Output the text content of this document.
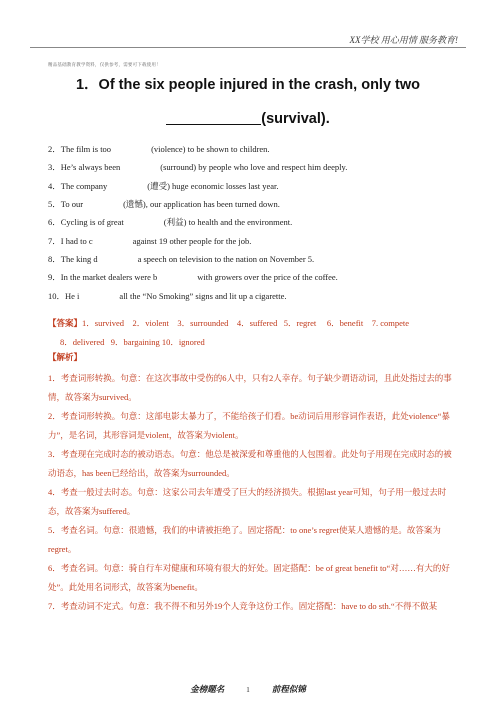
XX学校 用心用情 服务教育!
精品基础教育教学资料，仅供参考，需要可下载使用！
1．Of the six people injured in the crash, only two
(survival).
2．The film is too	(violence) to be shown to children.
3．He’s always been	(surround) by people who love and respect him deeply.
4．The company	(遭受) huge economic losses last year.
5．To our	(遗憾), our application has been turned down.
6．Cycling is of great	(利益) to health and the environment.
7．I had to c	against 19 other people for the job.
8．The king d	a speech on television to the nation on November 5.
9．In the market dealers were b	with growers over the price of the coffee.
10．He i	all the “No Smoking” signs and lit up a cigarette.
【答案】1．survived    2．violent    3．surrounded    4．suffered   5．regret     6．benefit    7. compete
8．delivered   9．bargaining 10．ignored
【解析】
1．考查词形转换。句意：在这次事故中受伤的6人中，只有2人幸存。句子缺少谓语动词，且此处指过去的事情，故答案为survived。
2．考查词形转换。句意：这部电影太暴力了，不能给孩子们看。be动词后用形容词作表语，此处violence“暴力”，是名词，其形容词是violent，故答案为violent。
3．考查现在完成时态的被动语态。句意：他总是被深爱和尊重他的人包围着。此处句子用现在完成时态的被动语态，has been已经给出，故答案为surrounded。
4．考查一般过去时态。句意：这家公司去年遭受了巨大的经济损失。根据last year可知，句子用一般过去时态，故答案为suffered。
5．考查名词。句意：很遗憾，我们的申请被拒绝了。固定搭配：to one’s regret使某人遗憾的是。故答案为regret。
6．考查名词。句意：骑自行车对健康和环境有很大的好处。固定搭配：be of great benefit to“对……有大的好处”。此处用名词形式，故答案为benefit。
7．考查动词不定式。句意：我不得不和另外19个人竞争这份工作。固定搭配：have to do sth.“不得不做某
金榜题名	1	前程似锦
